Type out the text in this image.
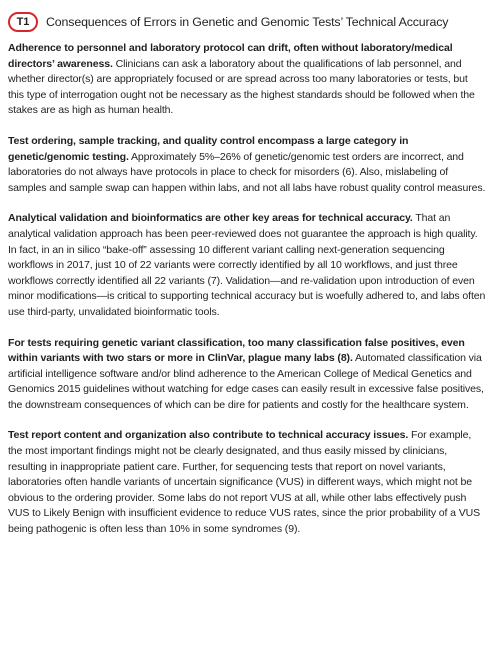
T1	Consequences of Errors in Genetic and Genomic Tests’ Technical Accuracy

Adherence to personnel and laboratory protocol can drift, often without laboratory/medical directors’ awareness. Clinicians can ask a laboratory about the qualifications of lab personnel, and whether director(s) are appropriately focused or are spread across too many laboratories or tests, but this type of interrogation ought not be necessary as the highest standards should be followed when the stakes are as high as human health.

Test ordering, sample tracking, and quality control encompass a large category in genetic/genomic testing. Approximately 5%–26% of genetic/genomic test orders are incorrect, and laboratories do not always have protocols in place to check for misorders (6). Also, mislabeling of samples and sample swap can happen within labs, and not all labs have robust quality control measures.

Analytical validation and bioinformatics are other key areas for technical accuracy. That an analytical validation approach has been peer-reviewed does not guarantee the approach is high quality. In fact, in an in silico “bake-off” assessing 10 different variant calling next-generation sequencing workflows in 2017, just 10 of 22 variants were correctly identified by all 10 workflows, and just three workflows correctly identified all 22 variants (7). Validation—and re-validation upon introduction of even minor modifications—is critical to supporting technical accuracy but is woefully adhered to, and labs often use third-party, unvalidated bioinformatic tools.

For tests requiring genetic variant classification, too many classification false positives, even within variants with two stars or more in ClinVar, plague many labs (8). Automated classification via artificial intelligence software and/or blind adherence to the American College of Medical Genetics and Genomics 2015 guidelines without watching for edge cases can easily result in excessive false positives, the downstream consequences of which can be dire for patients and costly for the healthcare system.

Test report content and organization also contribute to technical accuracy issues. For example, the most important findings might not be clearly designated, and thus easily missed by clinicians, resulting in inappropriate patient care. Further, for sequencing tests that report on novel variants, laboratories often handle variants of uncertain significance (VUS) in different ways, which might not be obvious to the ordering provider. Some labs do not report VUS at all, while other labs effectively push VUS to Likely Benign with insufficient evidence to reduce VUS rates, since the prior probability of a VUS being pathogenic is often less than 10% in some syndromes (9).
